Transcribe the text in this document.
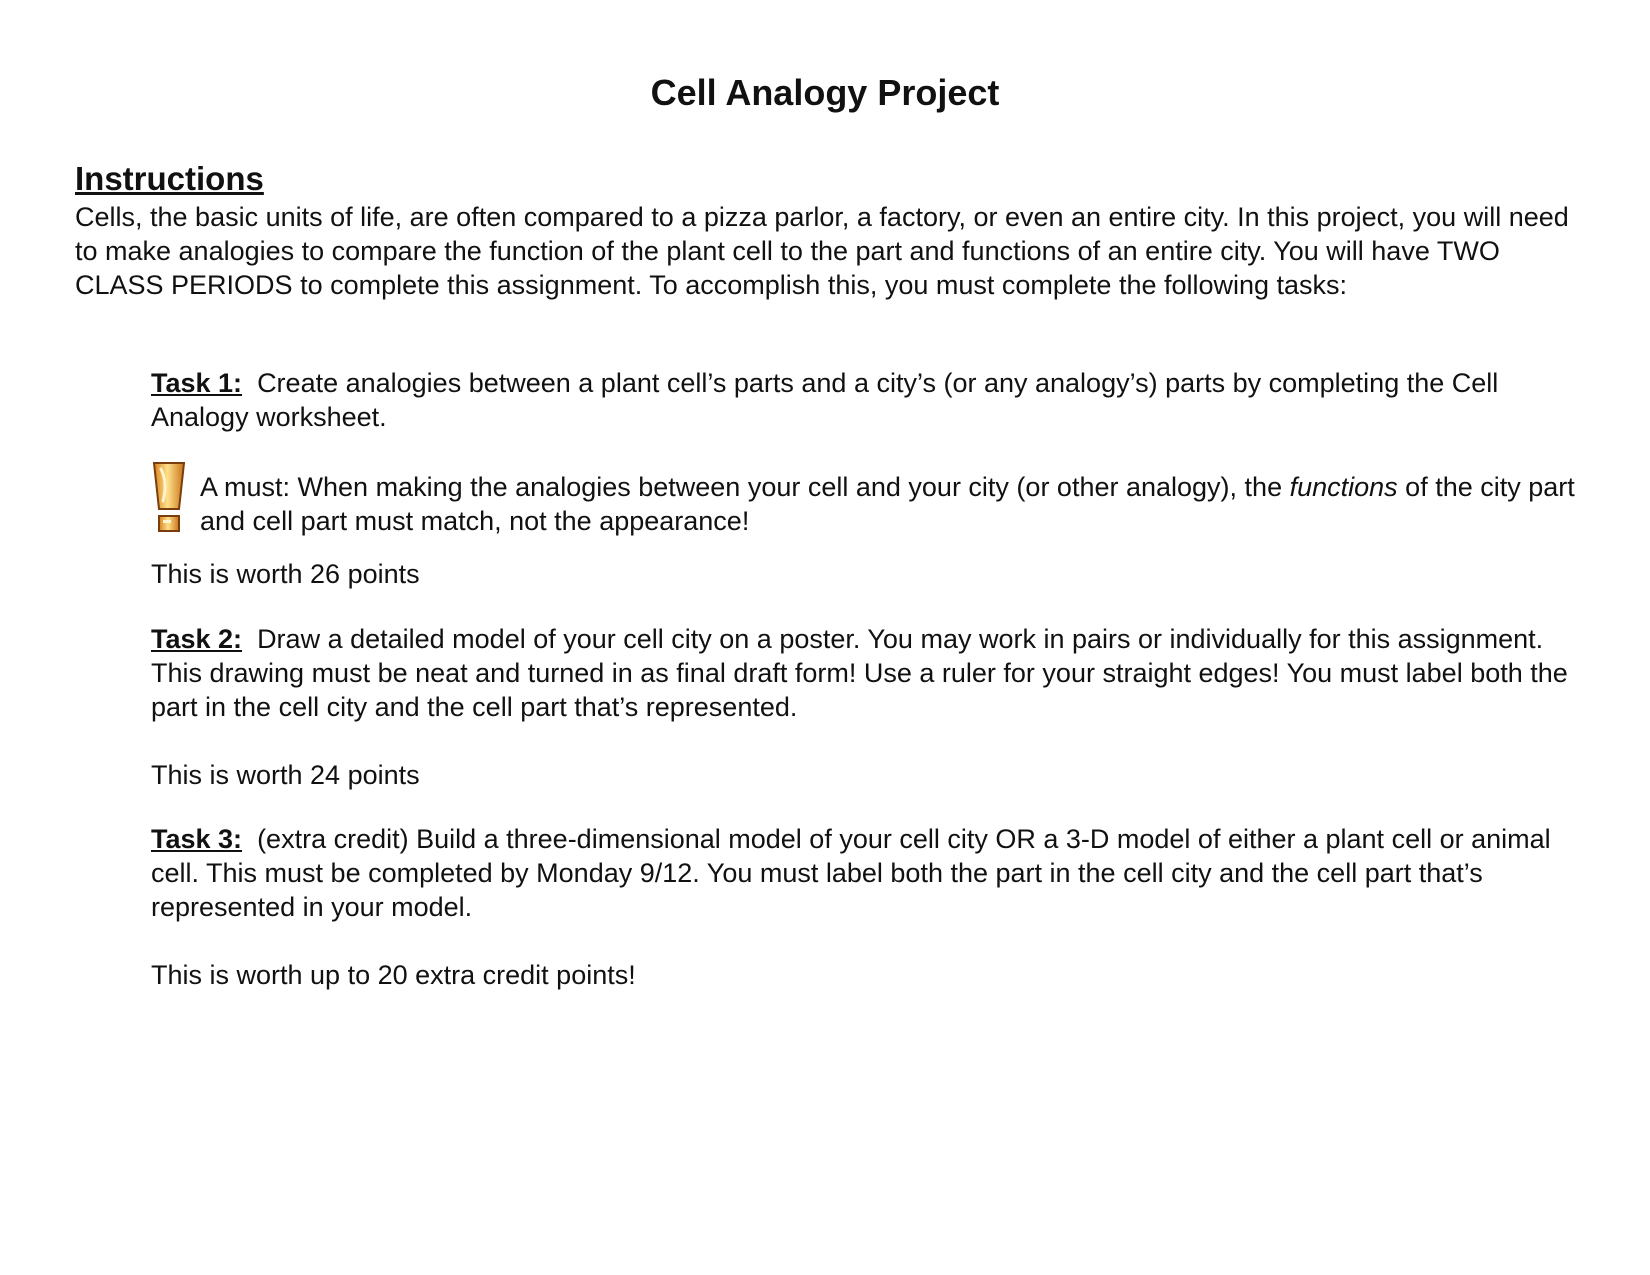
Cell Analogy Project
Instructions
Cells, the basic units of life, are often compared to a pizza parlor, a factory, or even an entire city. In this project, you will need to make analogies to compare the function of the plant cell to the part and functions of an entire city. You will have TWO CLASS PERIODS to complete this assignment. To accomplish this, you must complete the following tasks:
Task 1: Create analogies between a plant cell’s parts and a city’s (or any analogy’s) parts by completing the Cell Analogy worksheet.
A must: When making the analogies between your cell and your city (or other analogy), the functions of the city part and cell part must match, not the appearance!
This is worth 26 points
Task 2: Draw a detailed model of your cell city on a poster. You may work in pairs or individually for this assignment. This drawing must be neat and turned in as final draft form! Use a ruler for your straight edges! You must label both the part in the cell city and the cell part that’s represented.
This is worth 24 points
Task 3: (extra credit) Build a three-dimensional model of your cell city OR a 3-D model of either a plant cell or animal cell. This must be completed by Monday 9/12. You must label both the part in the cell city and the cell part that’s represented in your model.
This is worth up to 20 extra credit points!
